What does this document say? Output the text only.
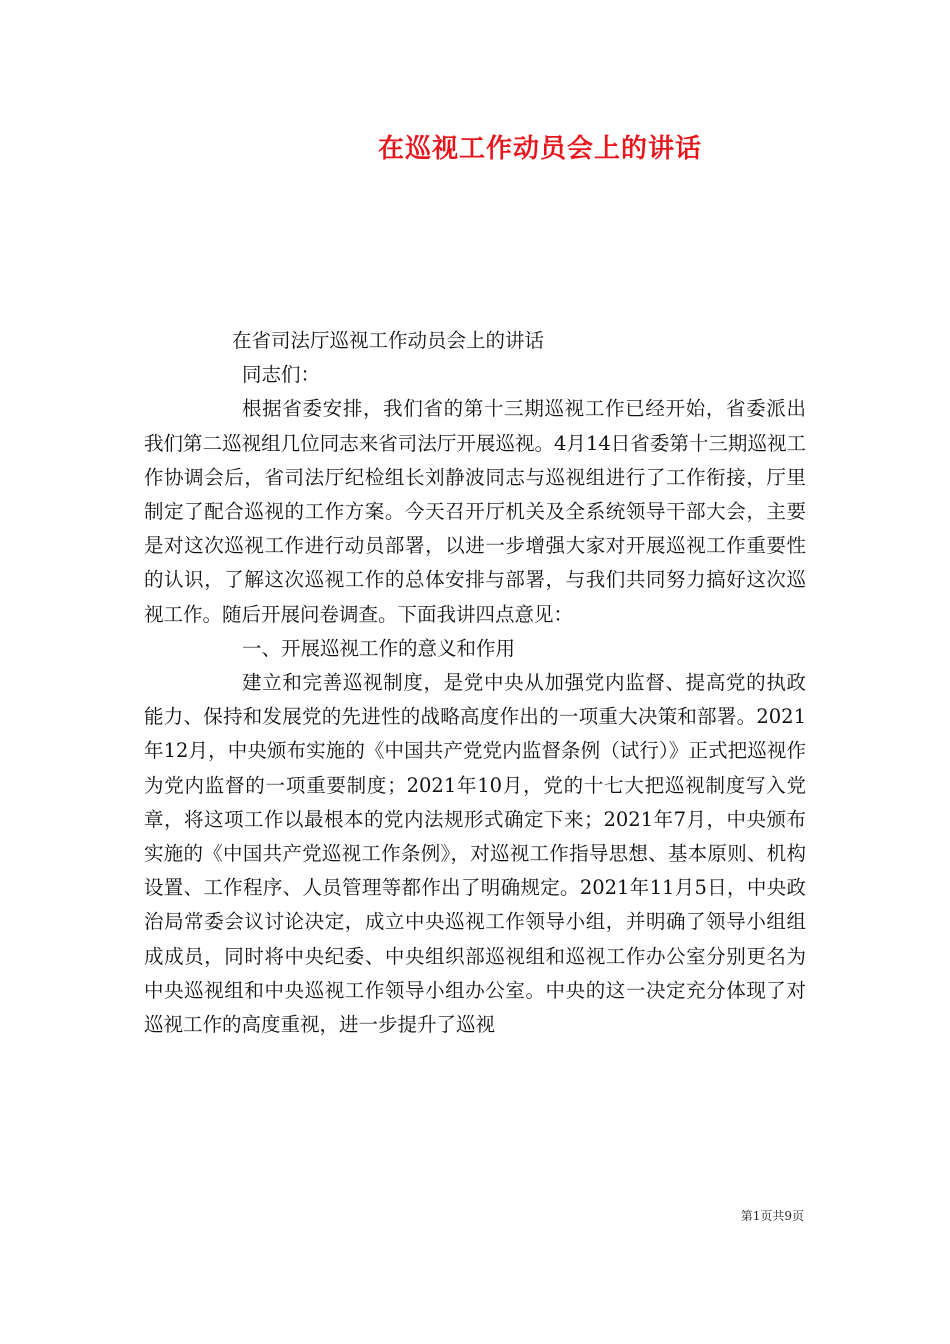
在巡视工作动员会上的讲话

在省司法厅巡视工作动员会上的讲话

同志们：

根据省委安排，我们省的第十三期巡视工作已经开始，省委派出我们第二巡视组几位同志来省司法厅开展巡视。4月14日省委第十三期巡视工作协调会后，省司法厅纪检组长刘静波同志与巡视组进行了工作衔接，厅里制定了配合巡视的工作方案。今天召开厅机关及全系统领导干部大会，主要是对这次巡视工作进行动员部署，以进一步增强大家对开展巡视工作重要性的认识，了解这次巡视工作的总体安排与部署，与我们共同努力搞好这次巡视工作。随后开展问卷调查。下面我讲四点意见：

一、开展巡视工作的意义和作用

建立和完善巡视制度，是党中央从加强党内监督、提高党的执政能力、保持和发展党的先进性的战略高度作出的一项重大决策和部署。2021年12月，中央颁布实施的《中国共产党党内监督条例（试行）》正式把巡视作为党内监督的一项重要制度；2021年10月，党的十七大把巡视制度写入党章，将这项工作以最根本的党内法规形式确定下来；2021年7月，中央颁布实施的《中国共产党巡视工作条例》，对巡视工作指导思想、基本原则、机构设置、工作程序、人员管理等都作出了明确规定。2021年11月5日，中央政治局常委会议讨论决定，成立中央巡视工作领导小组，并明确了领导小组组成成员，同时将中央纪委、中央组织部巡视组和巡视工作办公室分别更名为中央巡视组和中央巡视工作领导小组办公室。中央的这一决定充分体现了对巡视工作的高度重视，进一步提升了巡视

第1页共9页
